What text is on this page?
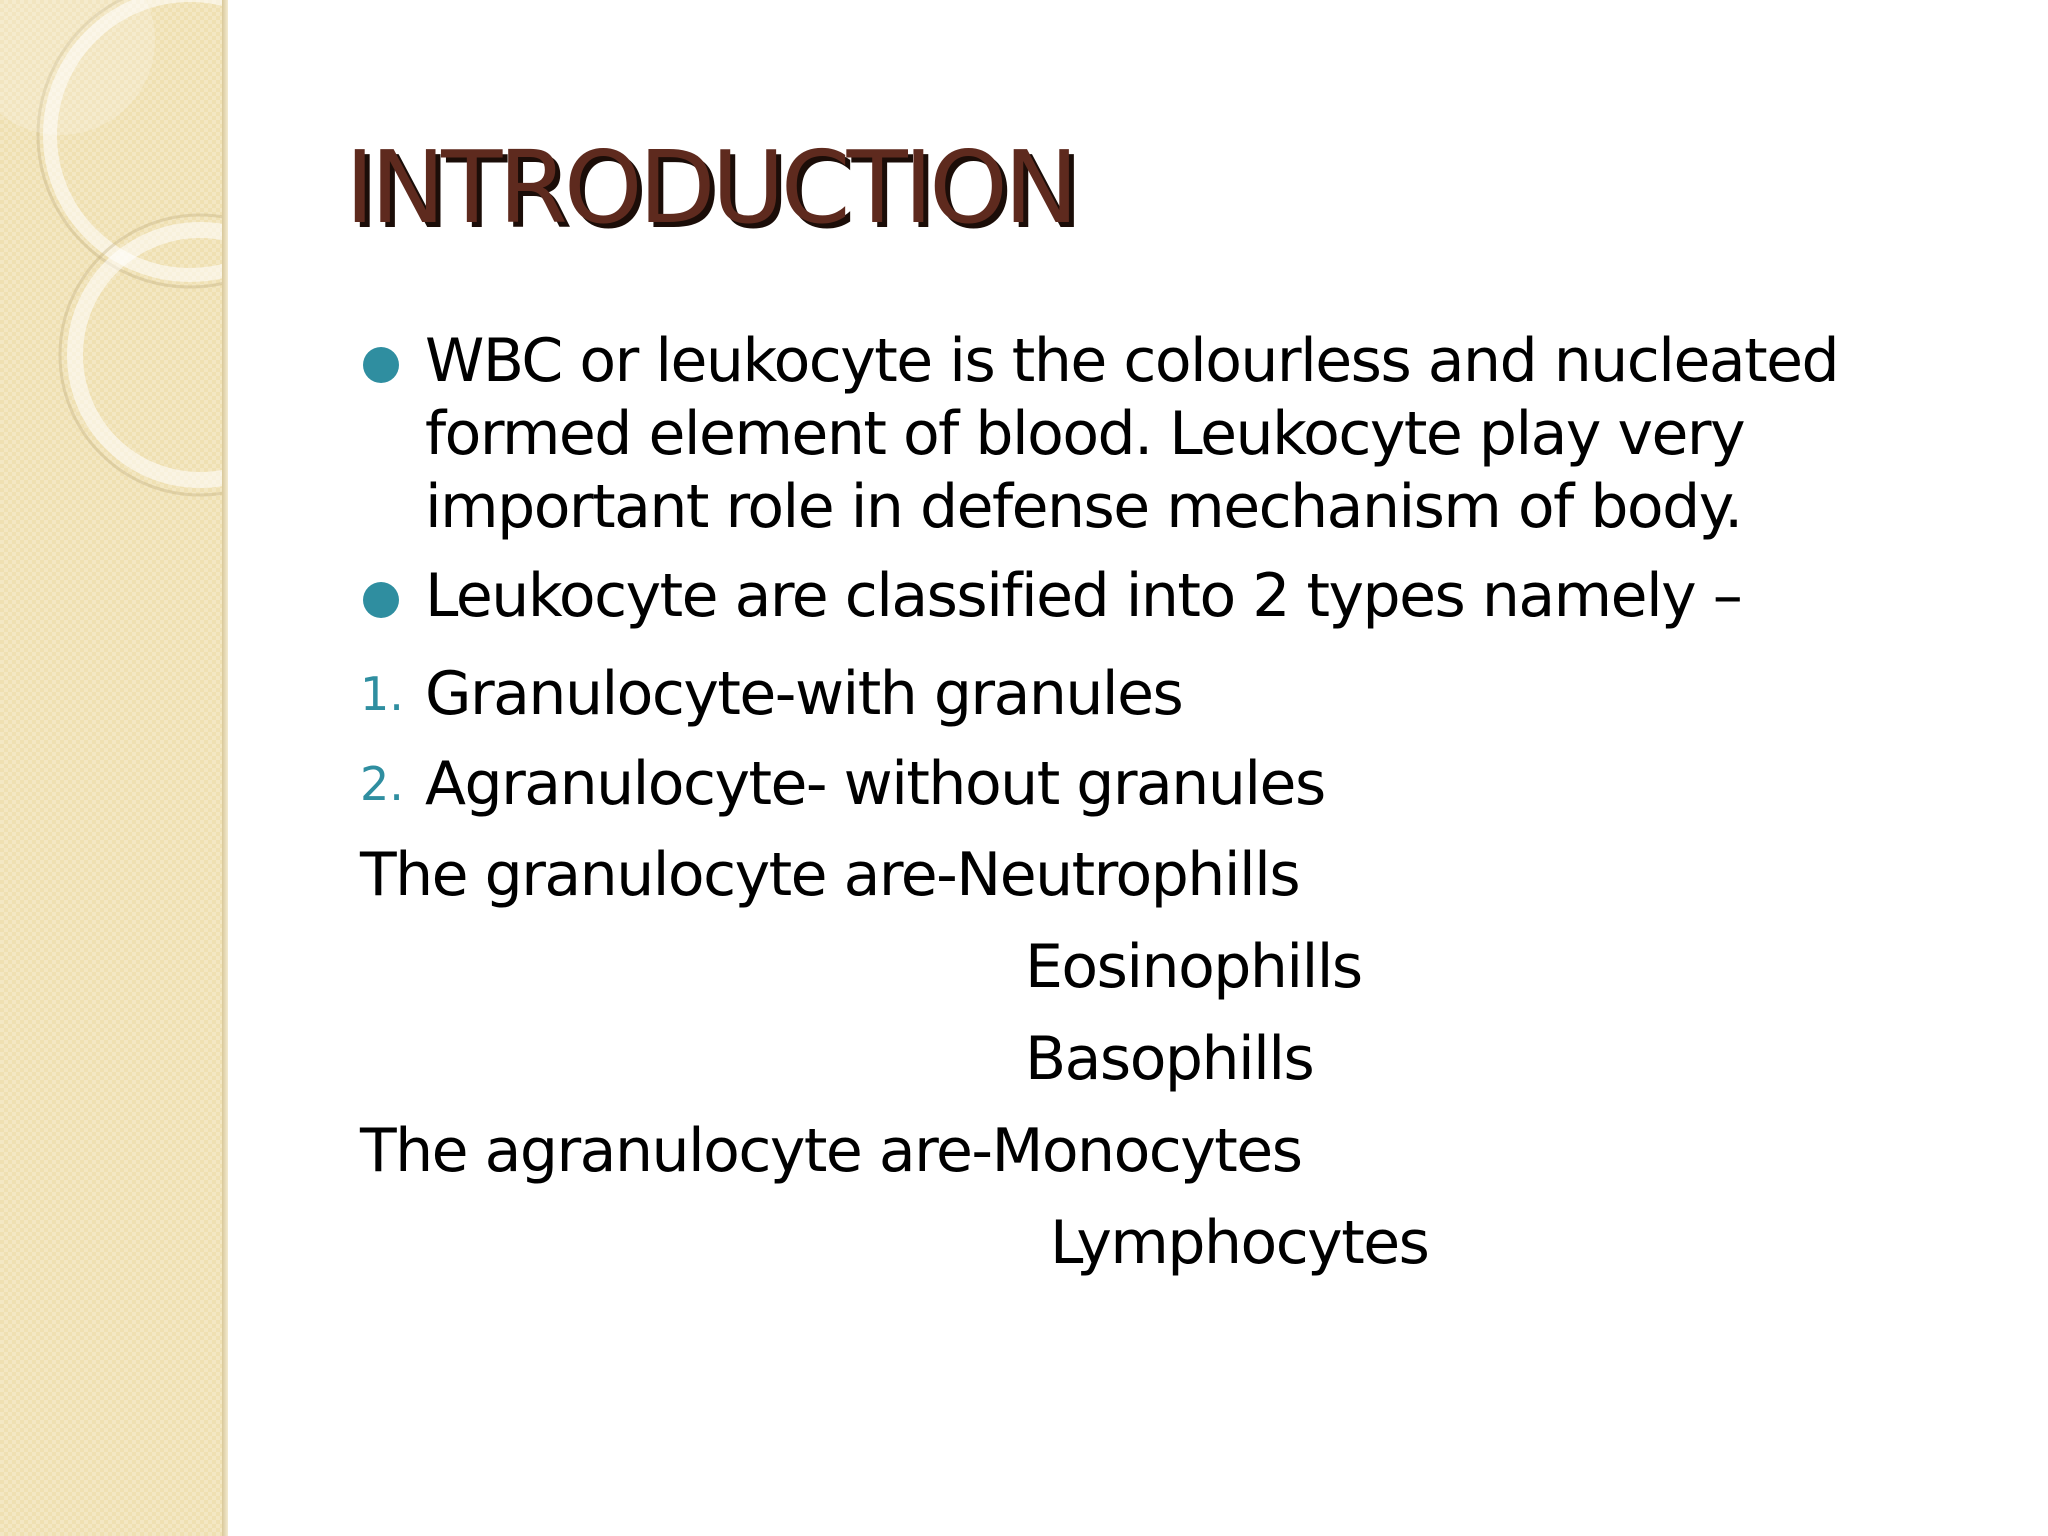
INTRODUCTION
WBC or leukocyte is the colourless and nucleated formed element of blood. Leukocyte play very important role in defense mechanism of body.
Leukocyte are classified into 2 types namely –
1. Granulocyte-with granules
2. Agranulocyte- without granules
The granulocyte are-Neutrophills
Eosinophills
Basophills
The agranulocyte are-Monocytes
Lymphocytes
